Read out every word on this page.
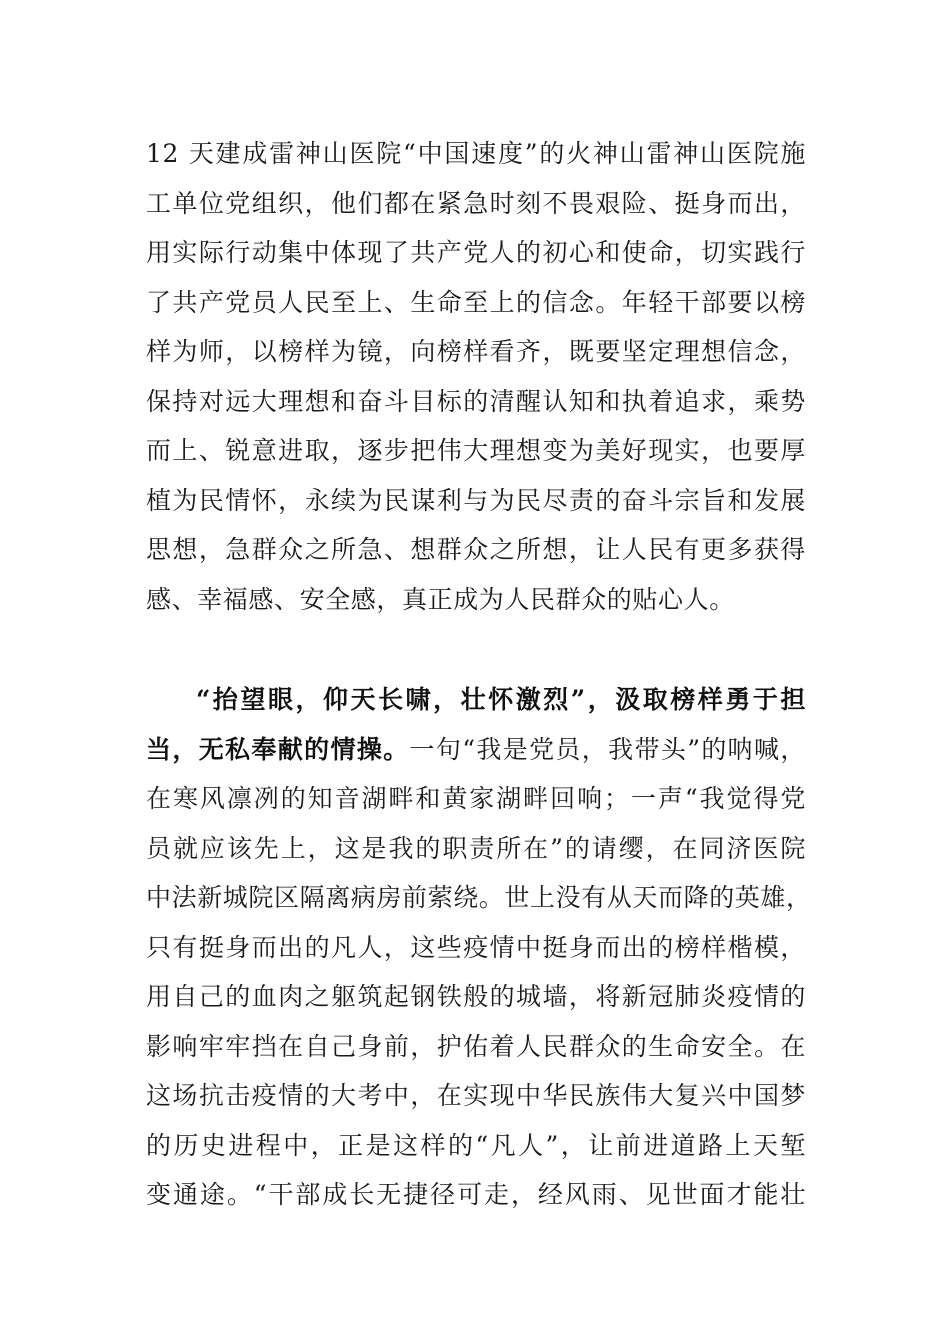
12 天建成雷神山医院“中国速度”的火神山雷神山医院施
工单位党组织，他们都在紧急时刻不畏艰险、挺身而出，
用实际行动集中体现了共产党人的初心和使命，切实践行
了共产党员人民至上、生命至上的信念。年轻干部要以榜
样为师，以榜样为镜，向榜样看齐，既要坚定理想信念，
保持对远大理想和奋斗目标的清醒认知和执着追求，乘势
而上、锐意进取，逐步把伟大理想变为美好现实，也要厚
植为民情怀，永续为民谋利与为民尽责的奋斗宗旨和发展
思想，急群众之所急、想群众之所想，让人民有更多获得
感、幸福感、安全感，真正成为人民群众的贴心人。
“抬望眼，仰天长啸，壮怀激烈”，汲取榜样勇于担
当，无私奉献的情操。一句“我是党员，我带头”的呐喊，
在寒风凛冽的知音湖畔和黄家湖畔回响；一声“我觉得党
员就应该先上，这是我的职责所在”的请缨，在同济医院
中法新城院区隔离病房前萦绕。世上没有从天而降的英雄，
只有挺身而出的凡人，这些疫情中挺身而出的榜样楷模，
用自己的血肉之躯筑起钢铁般的城墙，将新冠肺炎疫情的
影响牢牢挡在自己身前，护佑着人民群众的生命安全。在
这场抗击疫情的大考中，在实现中华民族伟大复兴中国梦
的历史进程中，正是这样的“凡人”，让前进道路上天堑
变通途。“干部成长无捷径可走，经风雨、见世面才能壮
